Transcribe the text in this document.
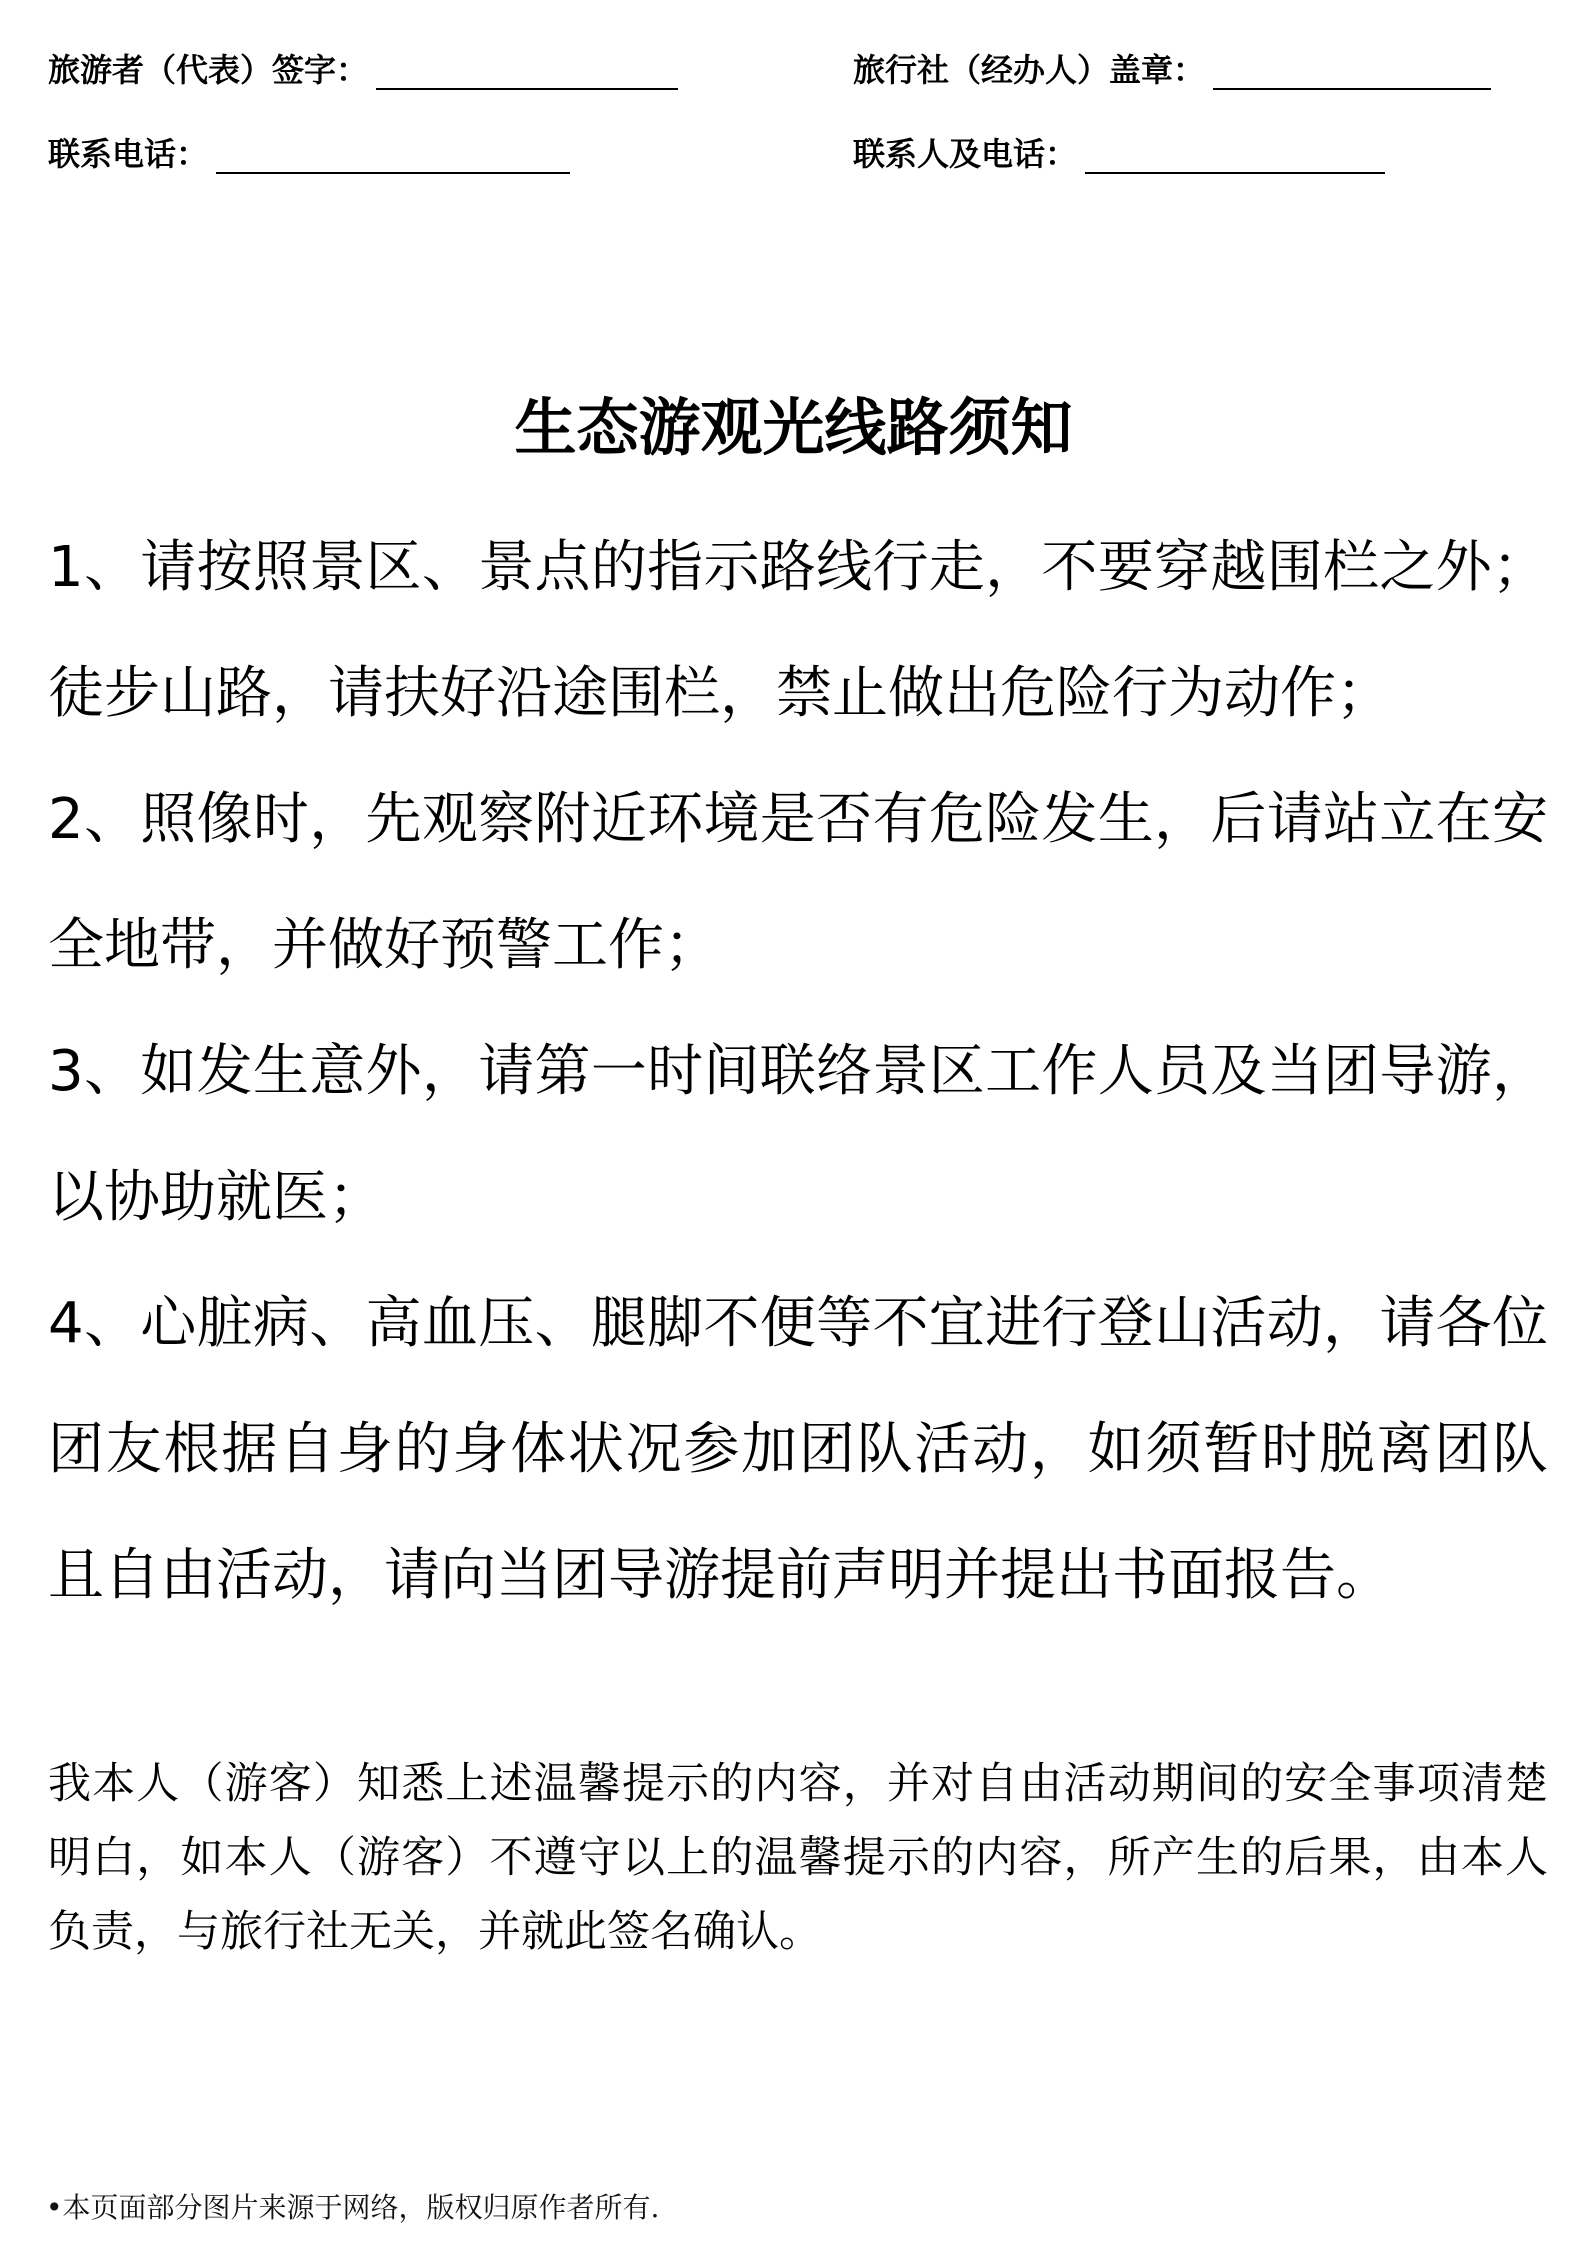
旅游者（代表）签字：	旅行社（经办人）盖章：
联系电话：	联系人及电话：
生态游观光线路须知

1、请按照景区、景点的指示路线行走，不要穿越围栏之外；徒步山路，请扶好沿途围栏，禁止做出危险行为动作；

2、照像时，先观察附近环境是否有危险发生，后请站立在安全地带，并做好预警工作；

3、如发生意外，请第一时间联络景区工作人员及当团导游，以协助就医；

4、心脏病、高血压、腿脚不便等不宜进行登山活动，请各位团友根据自身的身体状况参加团队活动，如须暂时脱离团队且自由活动，请向当团导游提前声明并提出书面报告。

我本人（游客）知悉上述温馨提示的内容，并对自由活动期间的安全事项清楚明白，如本人（游客）不遵守以上的温馨提示的内容，所产生的后果，由本人负责，与旅行社无关，并就此签名确认。

•本页面部分图片来源于网络，版权归原作者所有.
